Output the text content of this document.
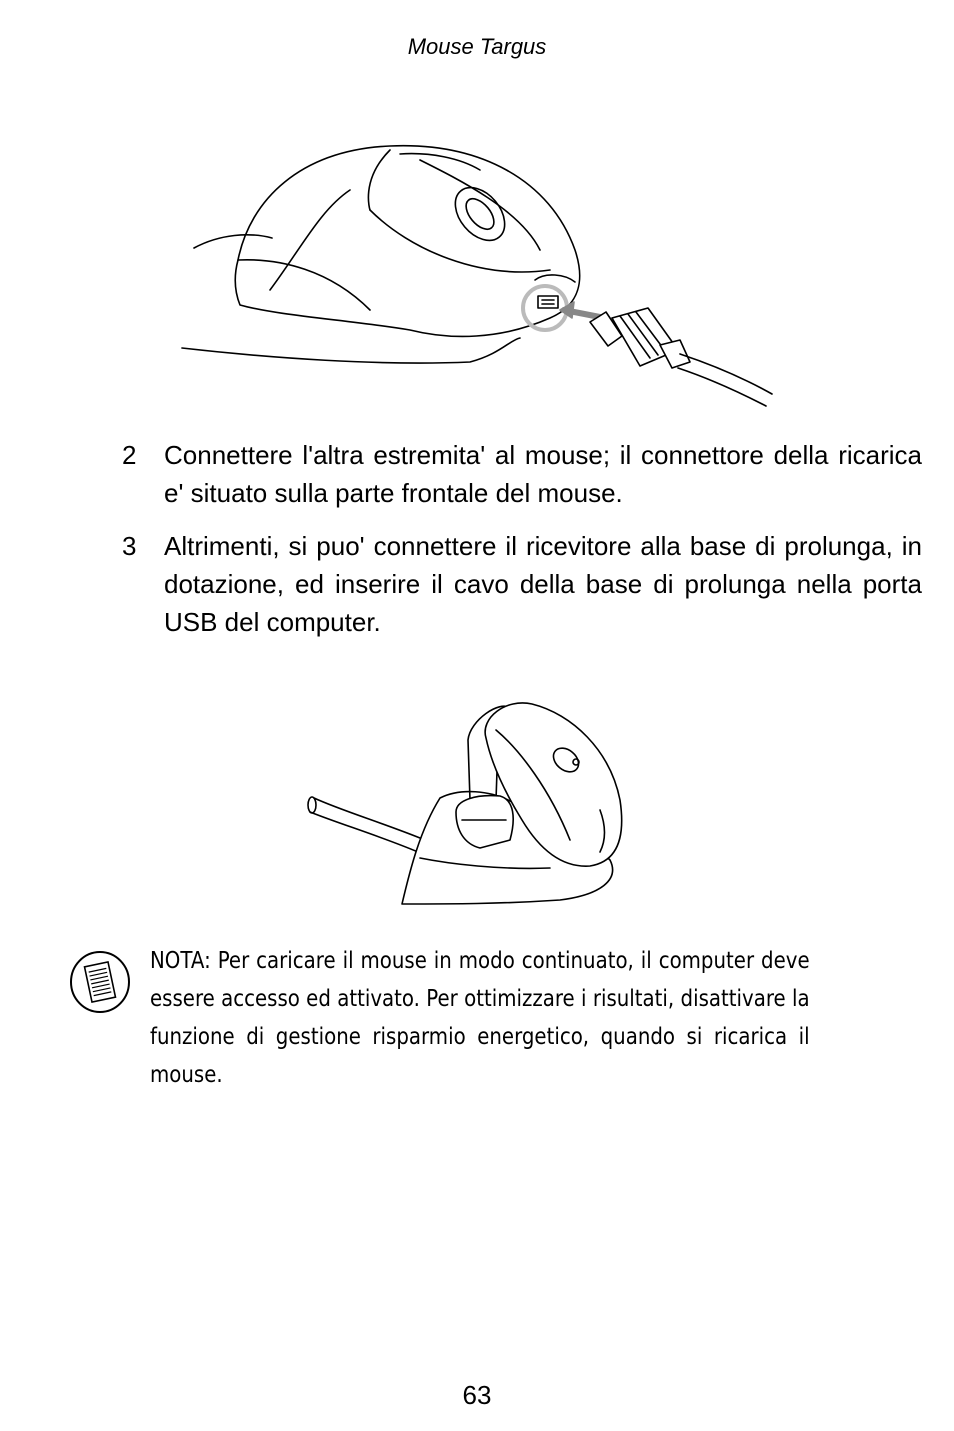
Mouse Targus
2 Connettere l'altra estremita' al mouse; il connettore della ricarica e' situato sulla parte frontale del mouse.
3 Altrimenti, si puo' connettere il ricevitore alla base di prolunga, in dotazione, ed inserire il cavo della base di prolunga nella porta USB del computer.
NOTA: Per caricare il mouse in modo continuato, il computer deve essere accesso ed attivato. Per ottimizzare i risultati, disattivare la funzione di gestione risparmio energetico, quando si ricarica il mouse.
63
